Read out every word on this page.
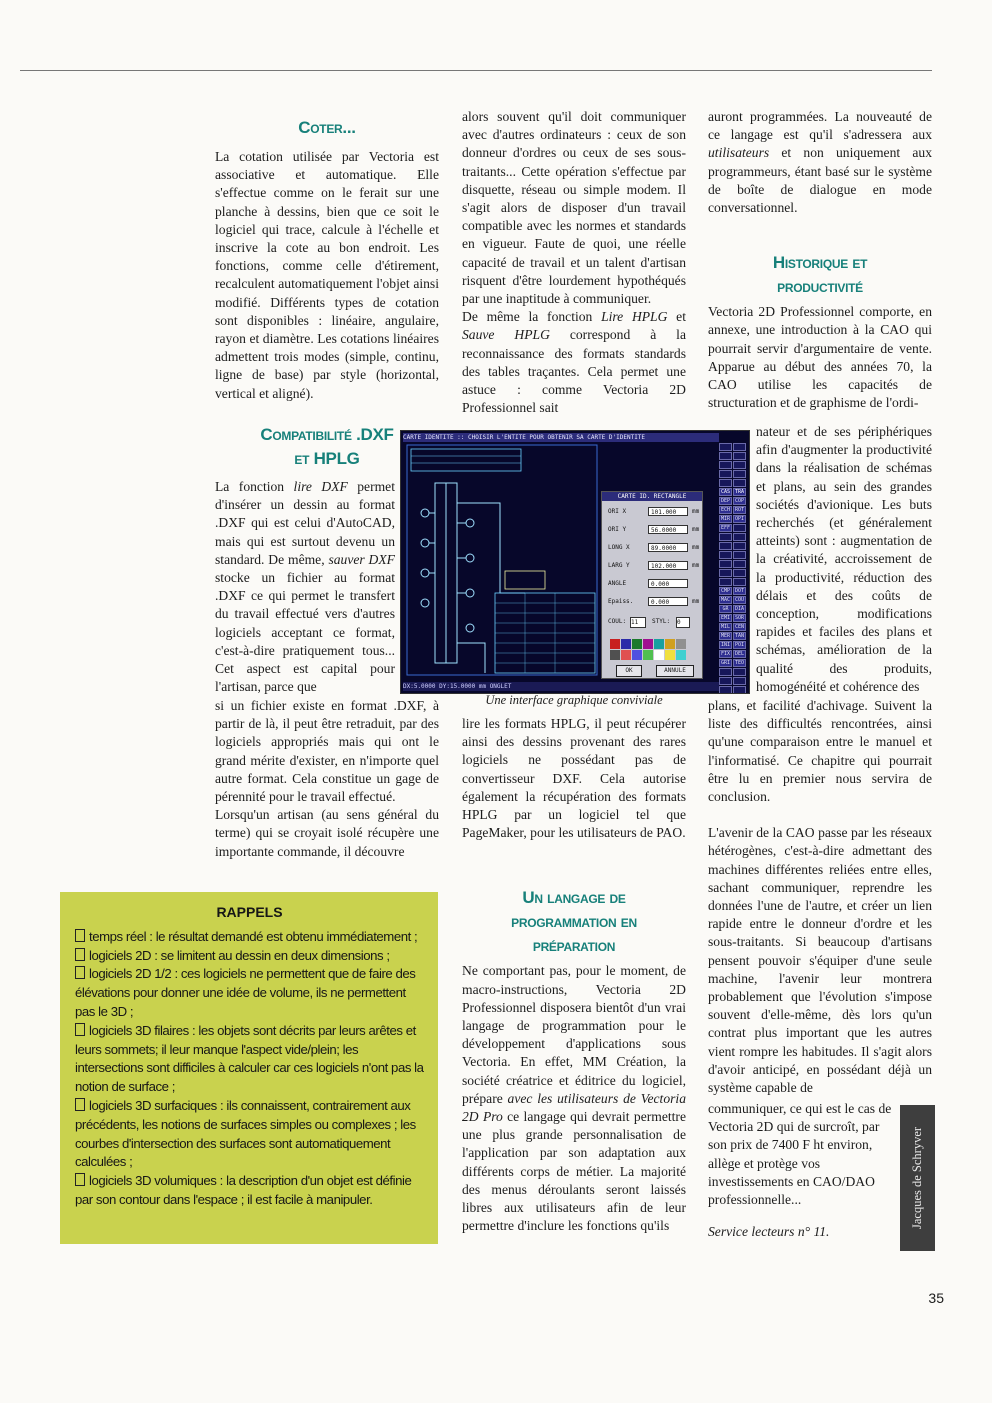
Coter...

La cotation utilisée par Vectoria est associative et automatique. Elle s'effectue comme on le ferait sur une planche à dessins, bien que ce soit le logiciel qui trace, calcule à l'échelle et inscrive la cote au bon endroit. Les fonctions, comme celle d'étirement, recalculent automatiquement l'objet ainsi modifié. Différents types de cotation sont disponibles : linéaire, angulaire, rayon et diamètre. Les cotations linéaires admettent trois modes (simple, continu, ligne de base) par style (horizontal, vertical et aligné).

Compatibilité .DXF
et HPLG

La fonction lire DXF permet d'insérer un dessin au format .DXF qui est celui d'AutoCAD, mais qui est surtout devenu un standard. De même, sauver DXF stocke un fichier au format .DXF ce qui permet le transfert du travail effectué vers d'autres logiciels acceptant ce format, c'est-à-dire pratiquement tous... Cet aspect est capital pour l'artisan, parce que

si un fichier existe en format .DXF, à partir de là, il peut être retraduit, par des logiciels appropriés mais qui ont le grand mérite d'exister, en n'importe quel autre format. Cela constitue un gage de pérennité pour le travail effectué.

Lorsqu'un artisan (au sens général du terme) qui se croyait isolé récupère une importante commande, il découvre

RAPPELS

temps réel : le résultat demandé est obtenu immédiatement ;

logiciels 2D : se limitent au dessin en deux dimensions ;

logiciels 2D 1/2 : ces logiciels ne permettent que de faire des élévations pour donner une idée de volume, ils ne permettent pas le 3D ;

logiciels 3D filaires : les objets sont décrits par leurs arêtes et leurs sommets; il leur manque l'aspect vide/plein; les intersections sont difficiles à calculer car ces logiciels n'ont pas la notion de surface ;

logiciels 3D surfaciques : ils connaissent, contrairement aux précédents, les notions de surfaces simples ou complexes ; les courbes d'intersection des surfaces sont automatiquement calculées ;

logiciels 3D volumiques : la description d'un objet est définie par son contour dans l'espace ; il est facile à manipuler.

alors souvent qu'il doit communiquer avec d'autres ordinateurs : ceux de son donneur d'ordres ou ceux de ses sous-traitants... Cette opération s'effectue par disquette, réseau ou simple modem. Il s'agit alors de disposer d'un travail compatible avec les normes et standards en vigueur. Faute de quoi, une réelle capacité de travail et un talent d'artisan risquent d'être lourdement hypothéqués par une inaptitude à communiquer.

De même la fonction Lire HPLG et Sauve HPLG correspond à la reconnaissance des formats standards des tables traçantes. Cela permet une astuce : comme Vectoria 2D Professionnel sait

CARTE IDENTITE :: CHOISIR L'ENTITE POUR OBTENIR SA CARTE D'IDENTITE
CARTE ID. RECTANGLE
ORI X	101.000	mm
ORI Y	56.0000	mm
LONG X	89.0000	mm
LARG Y	102.000	mm
ANGLE	0.000
Epaiss.	0.000	mm
COUL: 11	STYL: 0
OK	ANNULE
CAS
DEP
ECH
MIR
EFF
CMP
MAC
GR
EMI
MIL
MER
INI
FIX
GRI
TRA
COP
ROT
OPI
DOT
COU
DIA
SOR
CEN
TAN
POI
DEL
TEO
DX:5.0000 DY:15.0000 mm ONGLET
Une interface graphique conviviale

lire les formats HPLG, il peut récupérer ainsi des dessins provenant des rares logiciels ne possédant pas de convertisseur DXF. Cela autorise également la récupération des formats HPLG par un logiciel tel que PageMaker, pour les utilisateurs de PAO.

Un langage de
programmation en
préparation

Ne comportant pas, pour le moment, de macro-instructions, Vectoria 2D Professionnel disposera bientôt d'un vrai langage de programmation pour le développement d'applications sous Vectoria. En effet, MM Création, la société créatrice et éditrice du logiciel, prépare avec les utilisateurs de Vectoria 2D Pro ce langage qui devrait permettre une plus grande personnalisation de l'application par son adaptation aux différents corps de métier. La majorité des menus déroulants seront laissés libres aux utilisateurs afin de leur permettre d'inclure les fonctions qu'ils

auront programmées. La nouveauté de ce langage est qu'il s'adressera aux utilisateurs et non uniquement aux programmeurs, étant basé sur le système de boîte de dialogue en mode conversationnel.

Historique et
productivité

Vectoria 2D Professionnel comporte, en annexe, une introduction à la CAO qui pourrait servir d'argumentaire de vente. Apparue au début des années 70, la CAO utilise les capacités de structuration et de graphisme de l'ordi-

nateur et de ses périphériques afin d'augmenter la productivité dans la réalisation de schémas et plans, au sein des grandes sociétés d'avionique. Les buts recherchés (et généralement atteints) sont : augmentation de la créativité, accroissement de la productivité, réduction des délais et des coûts de conception, modifications rapides et faciles des plans et schémas, amélioration de la qualité des produits, homogénéité et cohérence des

plans, et facilité d'achivage. Suivent la liste des difficultés rencontrées, ainsi qu'une comparaison entre le manuel et l'informatisé. Ce chapitre qui pourrait être lu en premier nous servira de conclusion.

L'avenir de la CAO passe par les réseaux hétérogènes, c'est-à-dire admettant des machines différentes reliées entre elles, sachant communiquer, reprendre les données l'une de l'autre, et créer un lien rapide entre le donneur d'ordre et les sous-traitants. Si beaucoup d'artisans pensent pouvoir s'équiper d'une seule machine, l'avenir leur montrera probablement que l'évolution s'impose souvent d'elle-même, dès lors qu'un contrat plus important que les autres vient rompre les habitudes. Il s'agit alors d'avoir anticipé, en possédant déjà un système capable de

communiquer, ce qui est le cas de Vectoria 2D qui de surcroît, par son prix de 7400 F ht environ, allège et protège vos investissements en CAO/DAO professionnelle...

Service lecteurs n° 11.

Jacques de Schryver
35
